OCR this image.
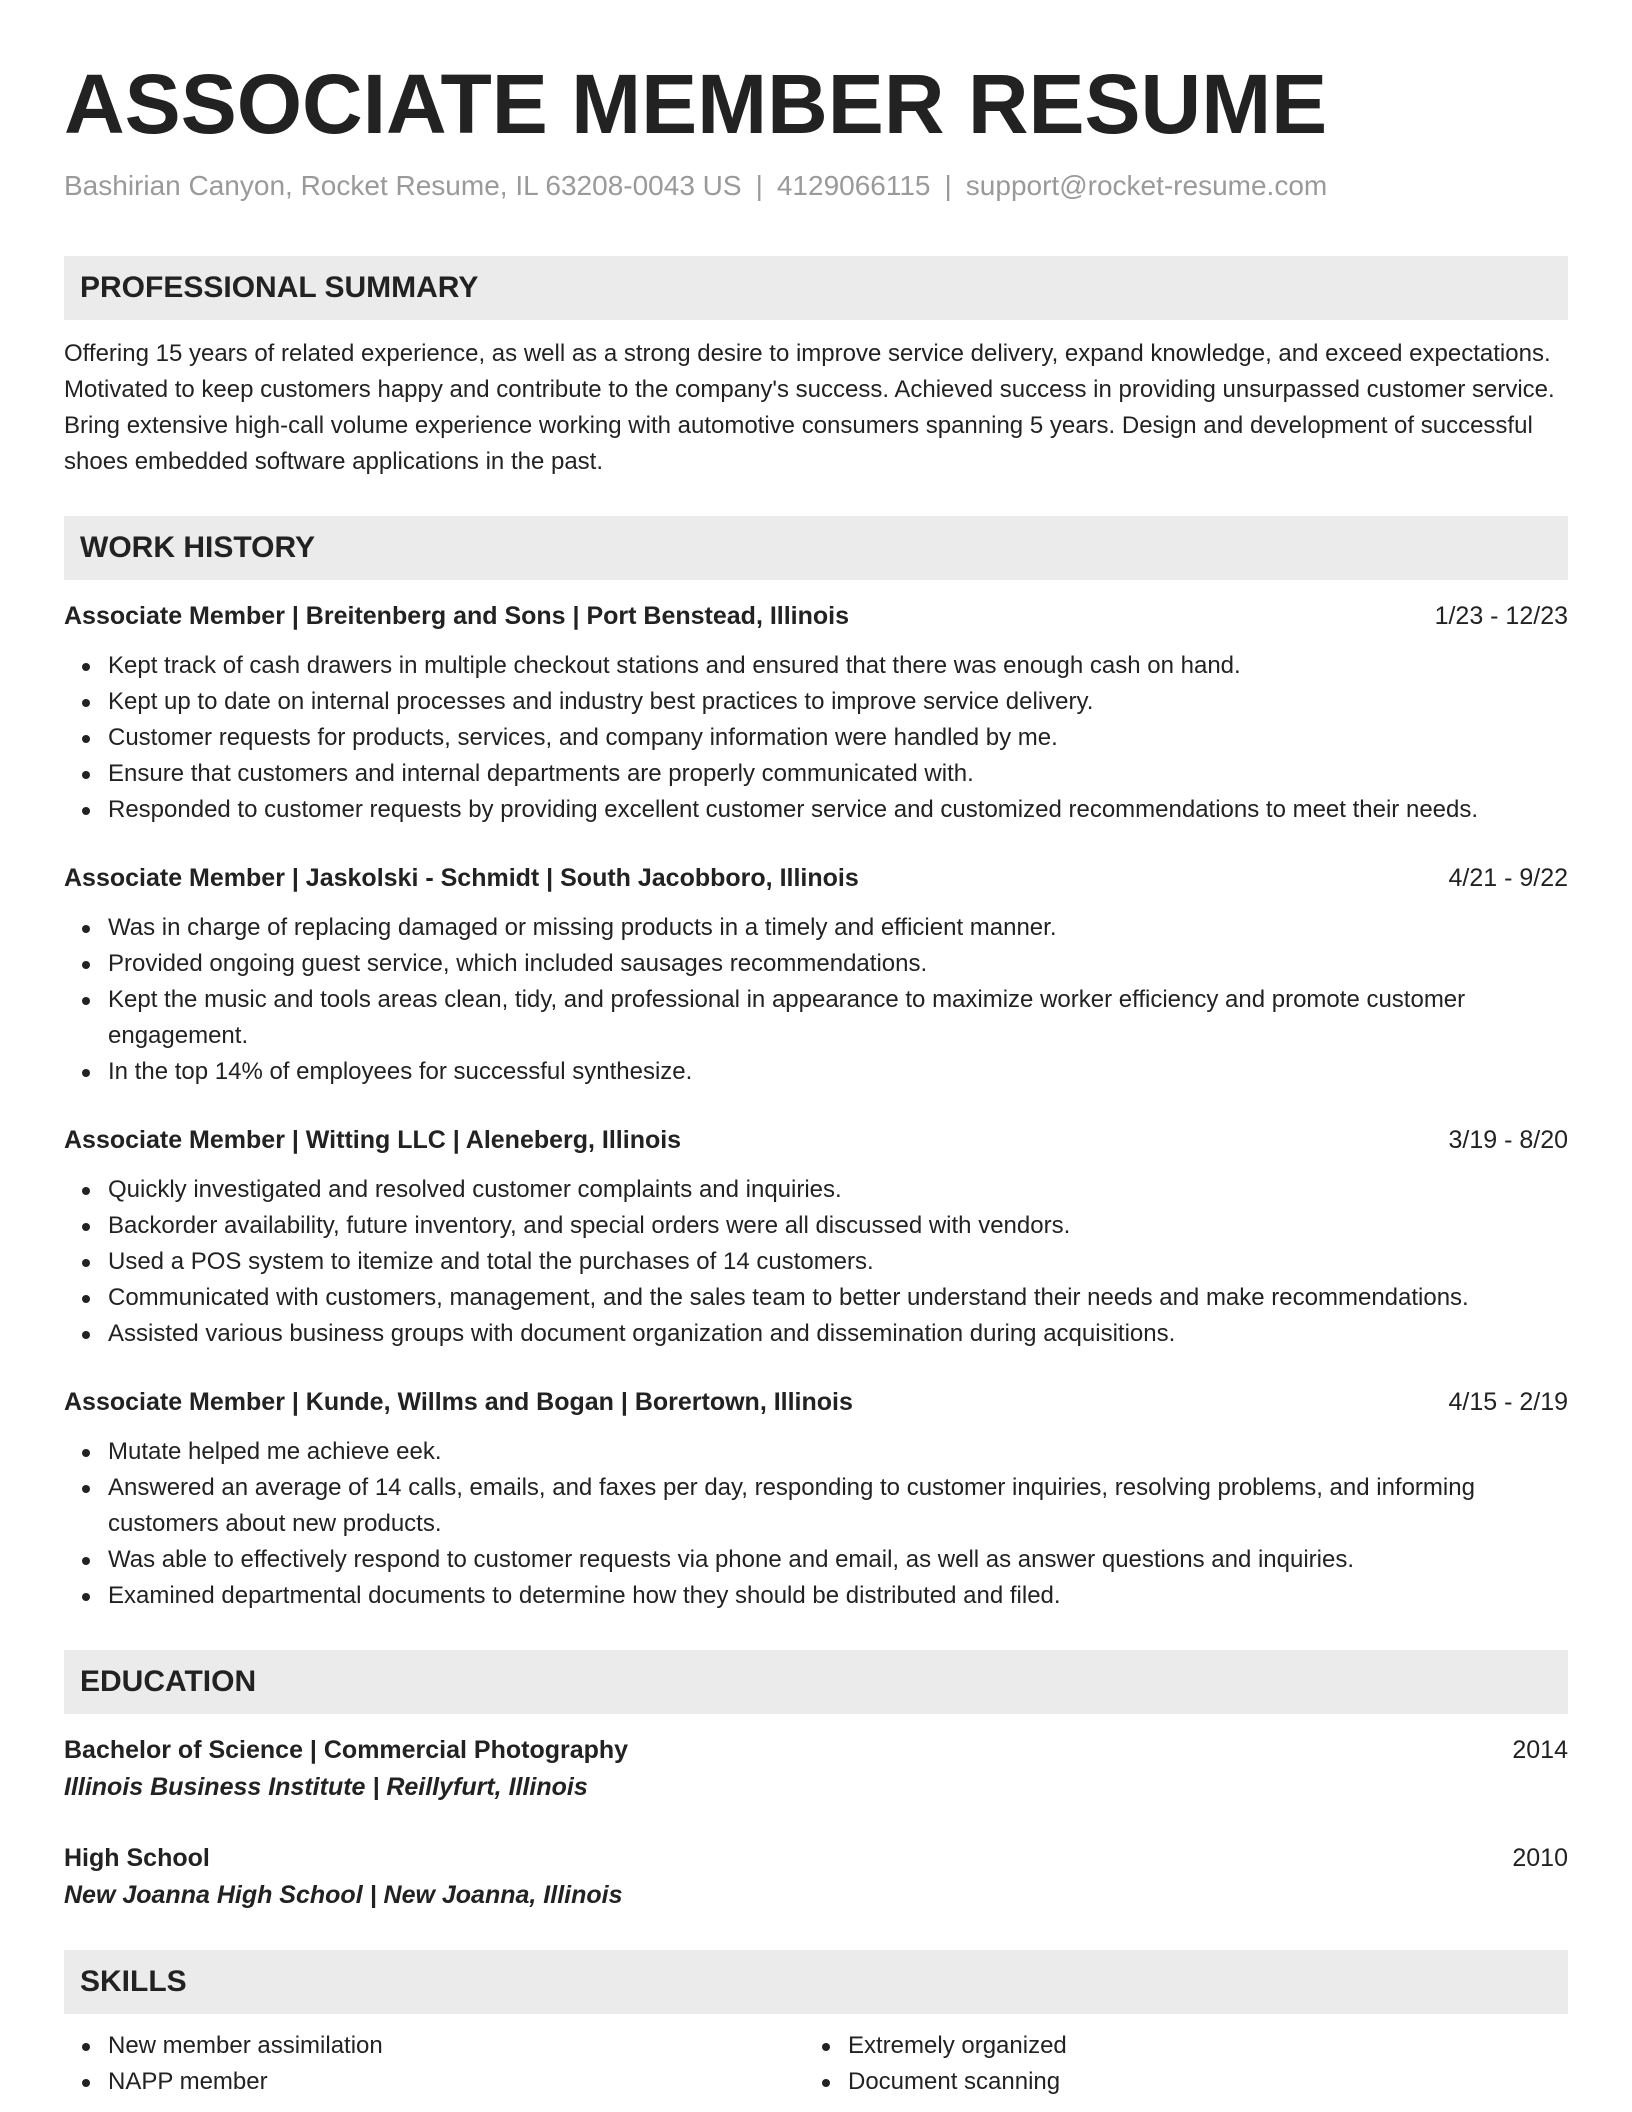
ASSOCIATE MEMBER RESUME
Bashirian Canyon, Rocket Resume, IL 63208-0043 US | 4129066115 | support@rocket-resume.com
PROFESSIONAL SUMMARY
Offering 15 years of related experience, as well as a strong desire to improve service delivery, expand knowledge, and exceed expectations. Motivated to keep customers happy and contribute to the company's success. Achieved success in providing unsurpassed customer service. Bring extensive high-call volume experience working with automotive consumers spanning 5 years. Design and development of successful shoes embedded software applications in the past.
WORK HISTORY
Associate Member | Breitenberg and Sons | Port Benstead, Illinois	1/23 - 12/23
Kept track of cash drawers in multiple checkout stations and ensured that there was enough cash on hand.
Kept up to date on internal processes and industry best practices to improve service delivery.
Customer requests for products, services, and company information were handled by me.
Ensure that customers and internal departments are properly communicated with.
Responded to customer requests by providing excellent customer service and customized recommendations to meet their needs.
Associate Member | Jaskolski - Schmidt | South Jacobboro, Illinois	4/21 - 9/22
Was in charge of replacing damaged or missing products in a timely and efficient manner.
Provided ongoing guest service, which included sausages recommendations.
Kept the music and tools areas clean, tidy, and professional in appearance to maximize worker efficiency and promote customer engagement.
In the top 14% of employees for successful synthesize.
Associate Member | Witting LLC | Aleneberg, Illinois	3/19 - 8/20
Quickly investigated and resolved customer complaints and inquiries.
Backorder availability, future inventory, and special orders were all discussed with vendors.
Used a POS system to itemize and total the purchases of 14 customers.
Communicated with customers, management, and the sales team to better understand their needs and make recommendations.
Assisted various business groups with document organization and dissemination during acquisitions.
Associate Member | Kunde, Willms and Bogan | Borertown, Illinois	4/15 - 2/19
Mutate helped me achieve eek.
Answered an average of 14 calls, emails, and faxes per day, responding to customer inquiries, resolving problems, and informing customers about new products.
Was able to effectively respond to customer requests via phone and email, as well as answer questions and inquiries.
Examined departmental documents to determine how they should be distributed and filed.
EDUCATION
Bachelor of Science | Commercial Photography	2014
Illinois Business Institute | Reillyfurt, Illinois
High School	2010
New Joanna High School | New Joanna, Illinois
SKILLS
New member assimilation
NAPP member
Extremely organized
Document scanning
